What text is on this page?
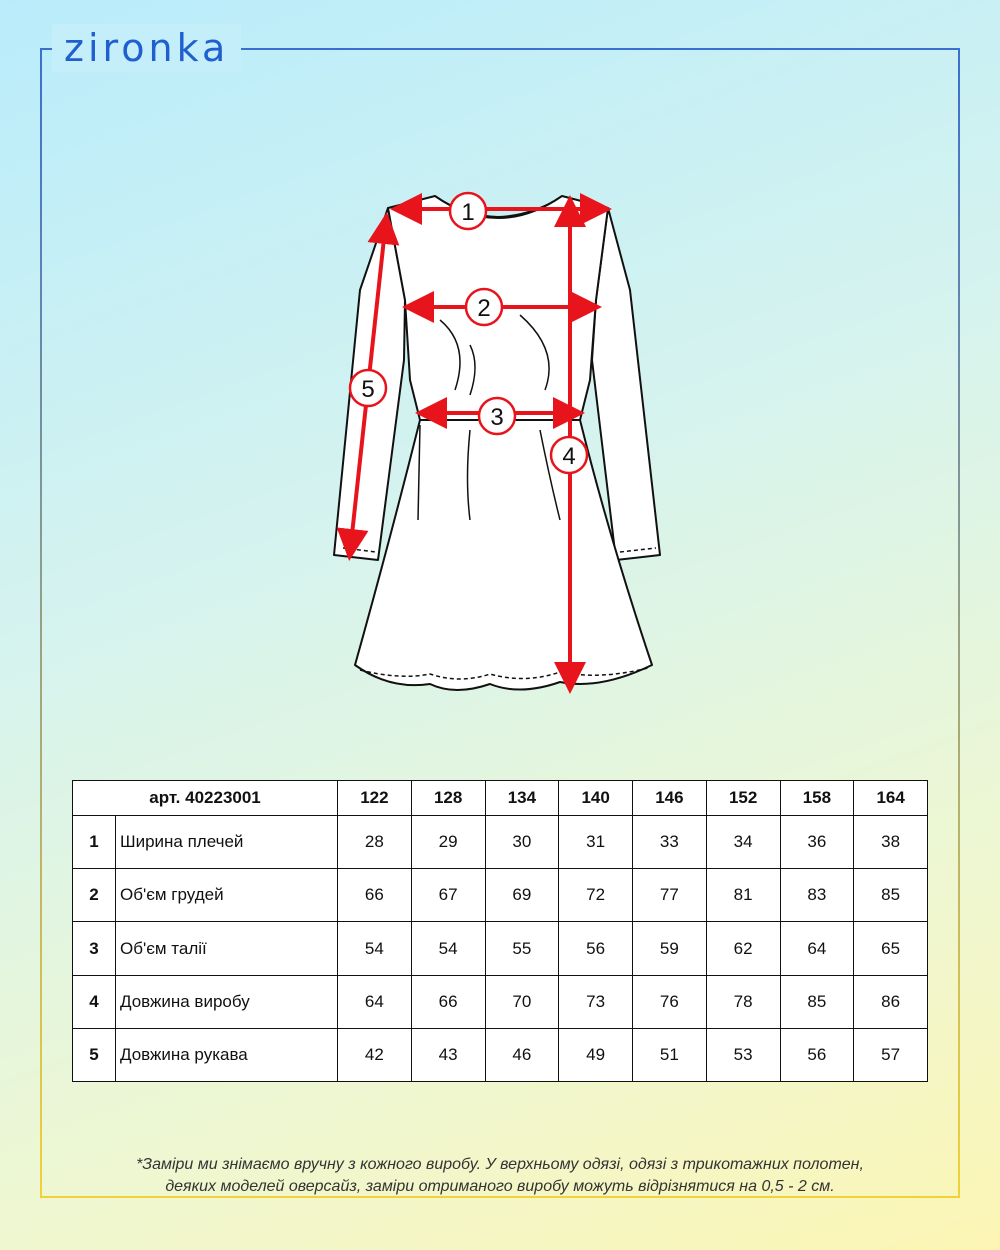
zironka
1
2
3
4
5
арт. 40223001		122	128	134	140	146	152	158	164
1	Ширина плечей	28	29	30	31	33	34	36	38
2	Об'єм грудей	66	67	69	72	77	81	83	85
3	Об'єм талії	54	54	55	56	59	62	64	65
4	Довжина виробу	64	66	70	73	76	78	85	86
5	Довжина рукава	42	43	46	49	51	53	56	57
*Заміри ми знімаємо вручну з кожного виробу. У верхньому одязі, одязі з трикотажних полотен,
деяких моделей оверсайз, заміри отриманого виробу можуть відрізнятися на 0,5 - 2 см.
